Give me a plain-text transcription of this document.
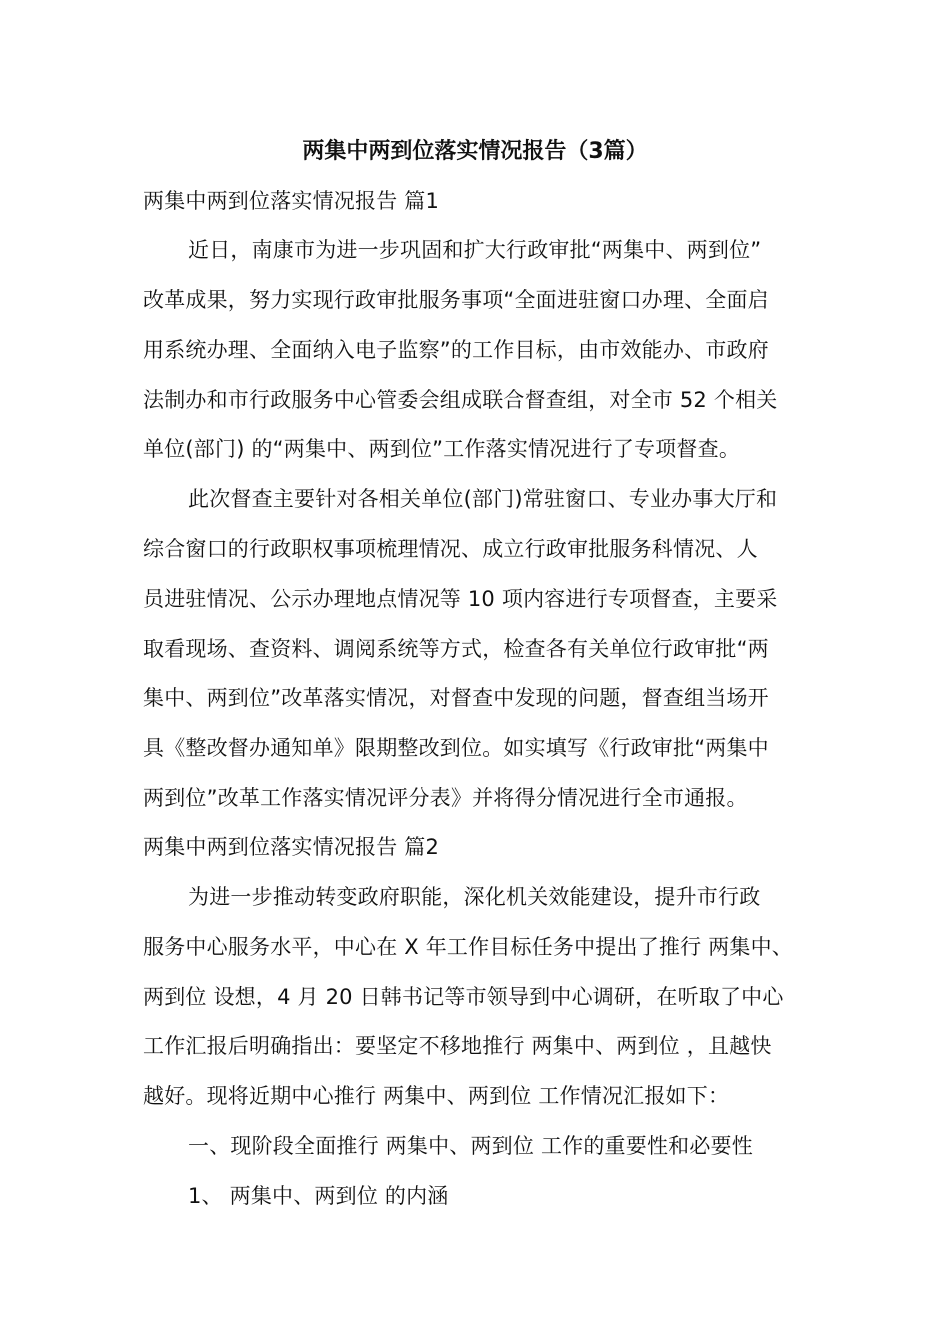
两集中两到位落实情况报告（3篇）
两集中两到位落实情况报告 篇1
近日，南康市为进一步巩固和扩大行政审批“两集中、两到位”
改革成果，努力实现行政审批服务事项“全面进驻窗口办理、全面启
用系统办理、全面纳入电子监察”的工作目标，由市效能办、市政府
法制办和市行政服务中心管委会组成联合督查组，对全市 52 个相关
单位(部门) 的“两集中、两到位”工作落实情况进行了专项督查。
此次督查主要针对各相关单位(部门)常驻窗口、专业办事大厅和
综合窗口的行政职权事项梳理情况、成立行政审批服务科情况、人
员进驻情况、公示办理地点情况等 10 项内容进行专项督查，主要采
取看现场、查资料、调阅系统等方式，检查各有关单位行政审批“两
集中、两到位”改革落实情况，对督查中发现的问题，督查组当场开
具《整改督办通知单》限期整改到位。如实填写《行政审批“两集中
两到位”改革工作落实情况评分表》并将得分情况进行全市通报。
两集中两到位落实情况报告 篇2
为进一步推动转变政府职能，深化机关效能建设，提升市行政
服务中心服务水平，中心在 X 年工作目标任务中提出了推行 两集中、
两到位 设想，4 月 20 日韩书记等市领导到中心调研，在听取了中心
工作汇报后明确指出：要坚定不移地推行 两集中、两到位 ，且越快
越好。现将近期中心推行 两集中、两到位 工作情况汇报如下：
一、现阶段全面推行 两集中、两到位 工作的重要性和必要性
1、 两集中、两到位 的内涵
